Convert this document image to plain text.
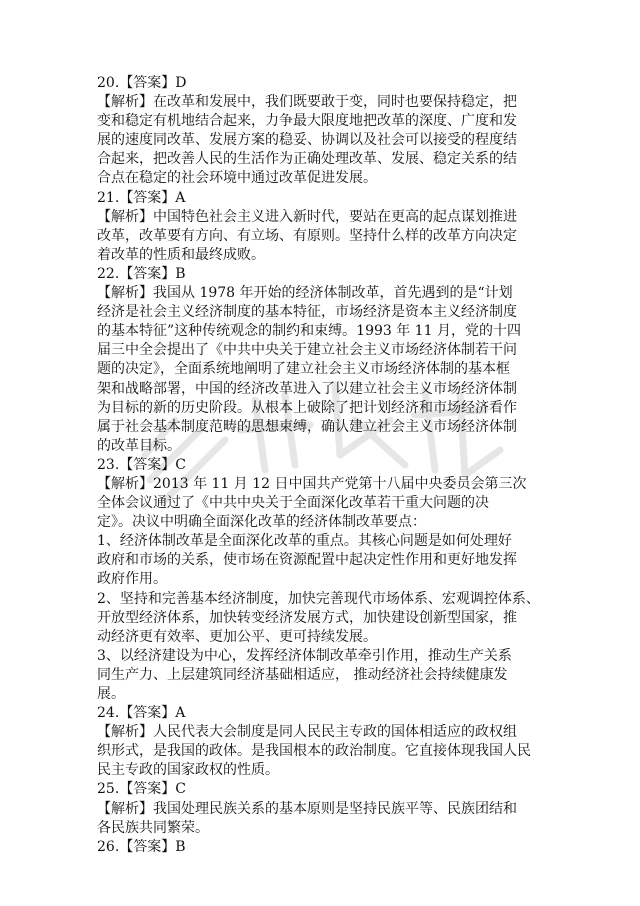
20.【答案】D
【解析】在改革和发展中，我们既要敢于变，同时也要保持稳定，把
变和稳定有机地结合起来，力争最大限度地把改革的深度、广度和发
展的速度同改革、发展方案的稳妥、协调以及社会可以接受的程度结
合起来，把改善人民的生活作为正确处理改革、发展、稳定关系的结
合点在稳定的社会环境中通过改革促进发展。
21.【答案】A
【解析】中国特色社会主义进入新时代，要站在更高的起点谋划推进
改革，改革要有方向、有立场、有原则。坚持什么样的改革方向决定
着改革的性质和最终成败。
22.【答案】B
【解析】我国从 1978 年开始的经济体制改革，首先遇到的是“计划
经济是社会主义经济制度的基本特征，市场经济是资本主义经济制度
的基本特征”这种传统观念的制约和束缚。1993 年 11 月，党的十四
届三中全会提出了《中共中央关于建立社会主义市场经济体制若干问
题的决定》，全面系统地阐明了建立社会主义市场经济体制的基本框
架和战略部署，中国的经济改革进入了以建立社会主义市场经济体制
为目标的新的历史阶段。从根本上破除了把计划经济和市场经济看作
属于社会基本制度范畴的思想束缚，确认建立社会主义市场经济体制
的改革目标。
23.【答案】C
【解析】2013 年 11 月 12 日中国共产党第十八届中央委员会第三次
全体会议通过了《中共中央关于全面深化改革若干重大问题的决
定》。决议中明确全面深化改革的经济体制改革要点：
1、经济体制改革是全面深化改革的重点。其核心问题是如何处理好
政府和市场的关系，使市场在资源配置中起决定性作用和更好地发挥
政府作用。
2、坚持和完善基本经济制度，加快完善现代市场体系、宏观调控体系、
开放型经济体系，加快转变经济发展方式，加快建设创新型国家，推
动经济更有效率、更加公平、更可持续发展。
3、以经济建设为中心，发挥经济体制改革牵引作用，推动生产关系
同生产力、上层建筑同经济基础相适应， 推动经济社会持续健康发
展。
24.【答案】A
【解析】人民代表大会制度是同人民民主专政的国体相适应的政权组
织形式，是我国的政体。是我国根本的政治制度。它直接体现我国人民
民主专政的国家政权的性质。
25.【答案】C
【解析】我国处理民族关系的基本原则是坚持民族平等、民族团结和
各民族共同繁荣。
26.【答案】B
